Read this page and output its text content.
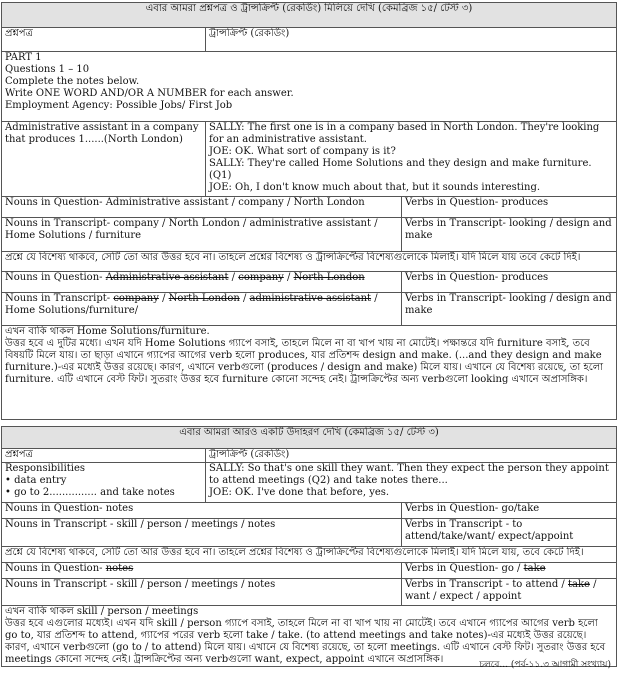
এবার আমরা প্রশ্নপত্র ও ট্রান্সক্রিপ্ট (রেকর্ডিং) মিলিয়ে দেখি (কেমব্রিজ ১৫/ টেস্ট ৩)		
প্রশ্নপত্র	ট্রান্সক্রিপ্ট (রেকর্ডিং)	

PART 1
Questions 1 – 10
Complete the notes below.
Write ONE WORD AND/OR A NUMBER for each answer.
Employment Agency: Possible Jobs/ First Job		

Administrative assistant in a company that produces 1......(North London)	SALLY: The first one is in a company based in North London. They're looking for an administrative assistant.
JOE: OK. What sort of company is it?
SALLY: They're called Home Solutions and they design and make furniture. (Q1)
JOE: Oh, I don't know much about that, but it sounds interesting.	

Nouns in Question- Administrative assistant / company / North London		Verbs in Question- produces
Nouns in Transcript- company / North London / administrative assistant / Home Solutions / furniture		Verbs in Transcript- looking / design and make
প্রশ্নে যে বিশেষ্য থাকবে, সেটি তো আর উত্তর হবে না। তাহলে প্রশ্নের বিশেষ্য ও ট্রান্সক্রিপ্টের বিশেষ্যগুলোকে মিলাই। যদি মিলে যায় তবে কেটে দিই।		
Nouns in Question- Administrative assistant / company / North London		Verbs in Question- produces
Nouns in Transcript- company / North London / administrative assistant / Home Solutions/furniture/		Verbs in Transcript- looking / design and make

এখন বাকি থাকল Home Solutions/furniture.
উত্তর হবে এ দুটির মধ্যে। এখন যদি Home Solutions গ্যাপে বসাই, তাহলে মিলে না বা খাপ খায় না মোটেই। পক্ষান্তরে যদি furniture বসাই, তবে বিষয়টি মিলে যায়। তা ছাড়া এখানে গ্যাপের আগের verb হলো produces, যার প্রতিশব্দ design and make. (...and they design and make furniture.)-এর মধ্যেই উত্তর রয়েছে। কারণ, এখানে verbগুলো (produces / design and make) মিলে যায়। এখানে যে বিশেষ্য রয়েছে, তা হলো furniture. এটি এখানে বেস্ট ফিট। সুতরাং উত্তর হবে furniture কোনো সন্দেহ নেই। ট্রান্সক্রিপ্টের অন্য verbগুলো looking এখানে অপ্রাসঙ্গিক।		
এবার আমরা আরও একটি উদাহরণ দেখি (কেমব্রিজ ১৫/ টেস্ট ৩)		
প্রশ্নপত্র	ট্রান্সক্রিপ্ট (রেকর্ডিং)	

Responsibilities
• data entry
• go to 2............... and take notes	SALLY: So that's one skill they want. Then they expect the person they appoint to attend meetings (Q2) and take notes there...
JOE: OK. I've done that before, yes.	

Nouns in Question- notes		Verbs in Question- go/take
Nouns in Transcript - skill / person / meetings / notes		Verbs in Transcript - to attend/take/want/ expect/appoint
প্রশ্নে যে বিশেষ্য থাকবে, সেটি তো আর উত্তর হবে না। তাহলে প্রশ্নের বিশেষ্য ও ট্রান্সক্রিপ্টের বিশেষ্যগুলোকে মিলাই। যদি মিলে যায়, তবে কেটে দিই।		
Nouns in Question- notes		Verbs in Question- go / take
Nouns in Transcript - skill / person / meetings / notes		Verbs in Transcript - to attend / take / want / expect / appoint

এখন বাকি থাকল skill / person / meetings
উত্তর হবে এগুলোর মধ্যেই। এখন যদি skill / person গ্যাপে বসাই, তাহলে মিলে না বা খাপ খায় না মোটেই। তবে এখানে গ্যাপের আগের verb হলো go to, যার প্রতিশব্দ to attend, গ্যাপের পরের verb হলো take / take. (to attend meetings and take notes)-এর মধ্যেই উত্তর রয়েছে। কারণ, এখানে verbগুলো (go to / to attend) মিলে যায়। এখানে যে বিশেষ্য রয়েছে, তা হলো meetings. এটি এখানে বেস্ট ফিট। সুতরাং উত্তর হবে meetings কোনো সন্দেহ নেই। ট্রান্সক্রিপ্টের অন্য verbগুলো want, expect, appoint এখানে অপ্রাসঙ্গিক।			চলবে... (পর্ব-১১.৩ আগামী সংখ্যায়)
